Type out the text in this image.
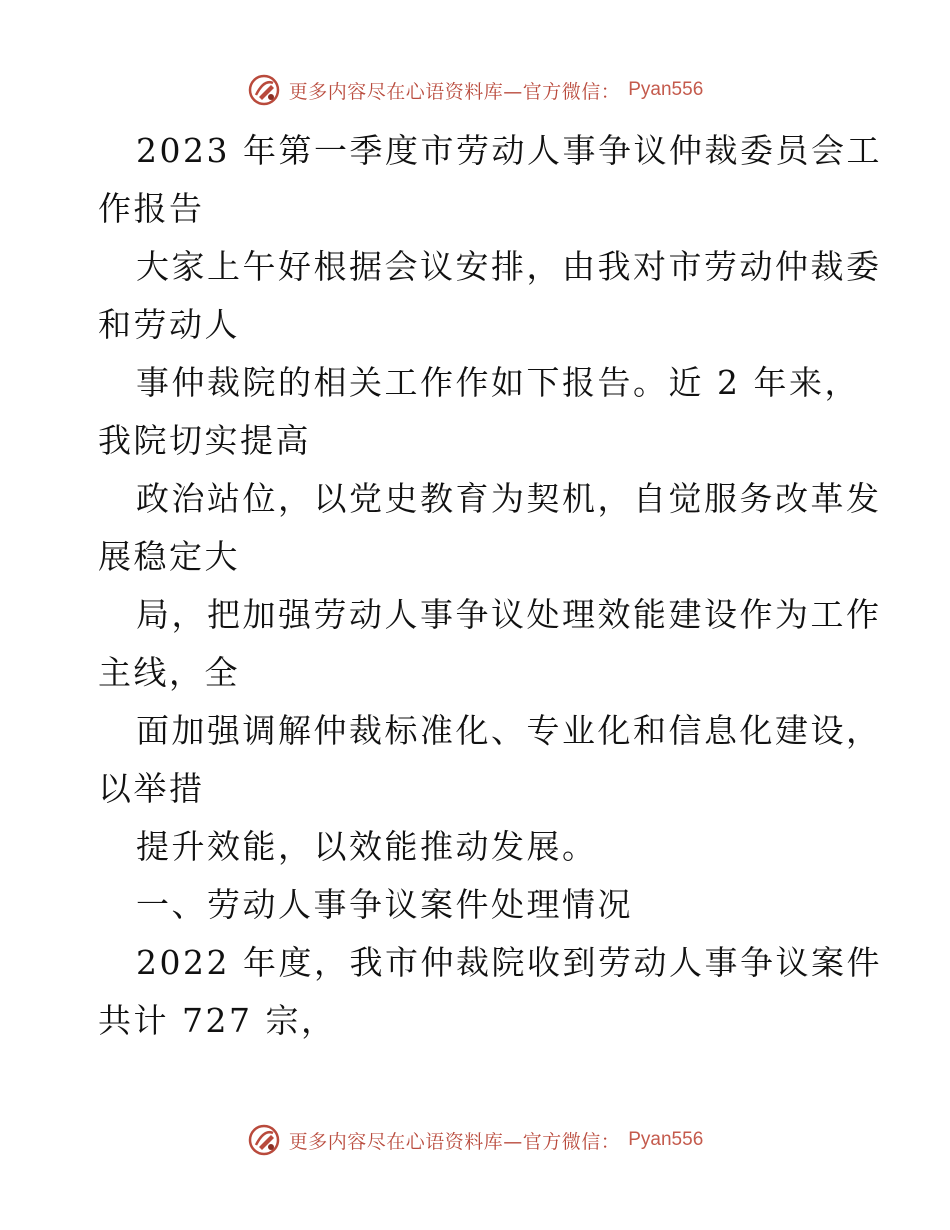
更多内容尽在心语资料库—官方微信： Pyan556
2023 年第一季度市劳动人事争议仲裁委员会工
作报告
大家上午好根据会议安排，由我对市劳动仲裁委
和劳动人
事仲裁院的相关工作作如下报告。近 2 年来，
我院切实提高
政治站位，以党史教育为契机，自觉服务改革发
展稳定大
局，把加强劳动人事争议处理效能建设作为工作
主线，全
面加强调解仲裁标准化、专业化和信息化建设，
以举措
提升效能，以效能推动发展。
一、劳动人事争议案件处理情况
2022 年度，我市仲裁院收到劳动人事争议案件
共计 727 宗，
更多内容尽在心语资料库—官方微信： Pyan556
